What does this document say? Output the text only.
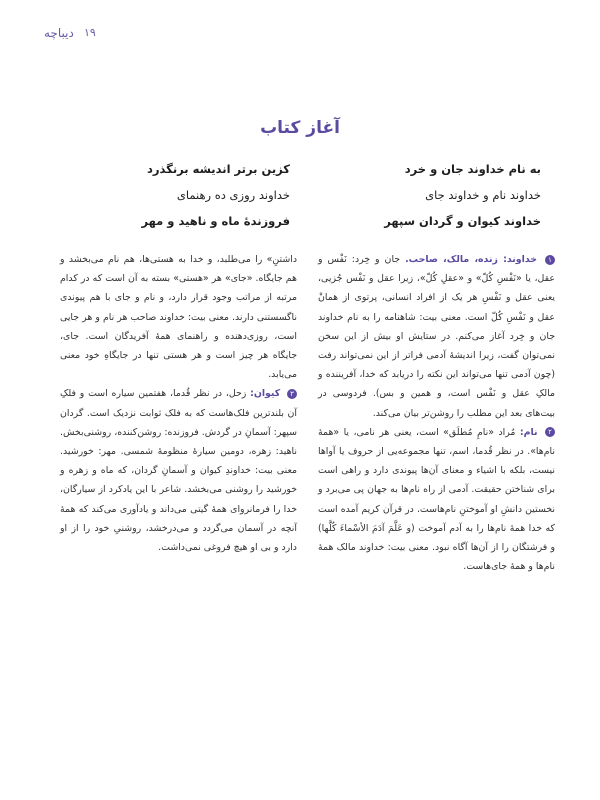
۱۹
دیباچه
آغاز کتاب
به نام خداوند جان و خرد
خداوند نام و خداوند جای
خداوند کیوان و گردان سپهر
کزین برتر اندیشه برنگذرد
خداوند روزی ده رهنمای
فروزندهٔ ماه و ناهید و مهر

۱ خداوند: زنده، مالک، صاحب. جان و خِرد: نَفْس و عقل، یا «نَفْسِ کُلّ» و «عقلِ کُلّ»، زیرا عقل و نَفْس جُزیی، یعنی عقل و نَفْسِ هر یک از افراد انسانی، پرتوی از همانْ عقل و نَفْسِ کُلّ است. معنی بیت: شاهنامه را به نام خداوند جان و خِرد آغاز می‌کنم. در ستایش او بیش از این سخن نمی‌توان گفت، زیرا اندیشهٔ آدمی فراتر از این نمی‌تواند رفت (چون آدمی تنها می‌تواند این نکته را دریابد که خدا، آفریننده و مالکِ عقل و نَفْس است، و همین و بس). فردوسی در بیت‌های بعد این مطلب را روشن‌تر بیان می‌کند.

۲ نام: مُراد «نامِ مُطلَق» است، یعنی هر نامی، یا «همهٔ نام‌ها». در نظر قُدما، اسم، تنها مجموعه‌یی از حروف یا آواها نیست، بلکه با اشیاء و معنای آن‌ها پیوندی دارد و راهی است برای شناختن حقیقت. آدمی از راه نام‌ها به جهان پی می‌برد و نخستین دانشِ او آموختنِ نام‌هاست. در قرآن کریم آمده است که خدا همهٔ نام‌ها را به آدم آموخت (و عَلَّمَ آدَمَ الأسْماءَ کُلَّها) و فرشتگان را از آن‌ها آگاه نبود. معنی بیت: خداوند مالک همهٔ نام‌ها و همهٔ جای‌هاست.

داشتنِ» را می‌طلبد، و خدا به هستی‌ها، هم نام می‌بخشد و هم جایگاه. «جای» هر «هستی» بسته به آن است که در کدام مرتبه از مراتب وجود قرار دارد، و نام و جای با هم پیوندی ناگسستنی دارند. معنی بیت: خداوند صاحب هر نام و هر جایی است، روزی‌دهنده و راهنمای همهٔ آفریدگان است. جای، جایگاه هر چیز است و هر هستی تنها در جایگاهِ خود معنی می‌یابد.

۳ کیوان: زحل، در نظر قُدما، هفتمین سیاره است و فلکِ آن بلندترین فلک‌هاست که به فلک ثوابت نزدیک است. گردان سپهر: آسمانِ در گردش. فروزنده: روشن‌کننده، روشنی‌بخش. ناهید: زهره، دومین سیارهٔ منظومهٔ شمسی. مهر: خورشید. معنی بیت: خداوندِ کیوان و آسمانِ گردان، که ماه و زهره و خورشید را روشنی می‌بخشد. شاعر با این یادکرد از سیارگان، خدا را فرمانروای همهٔ گیتی می‌داند و یادآوری می‌کند که همهٔ آنچه در آسمان می‌گردد و می‌درخشد، روشنیِ خود را از او دارد و بی او هیچ فروغی نمی‌داشت.
